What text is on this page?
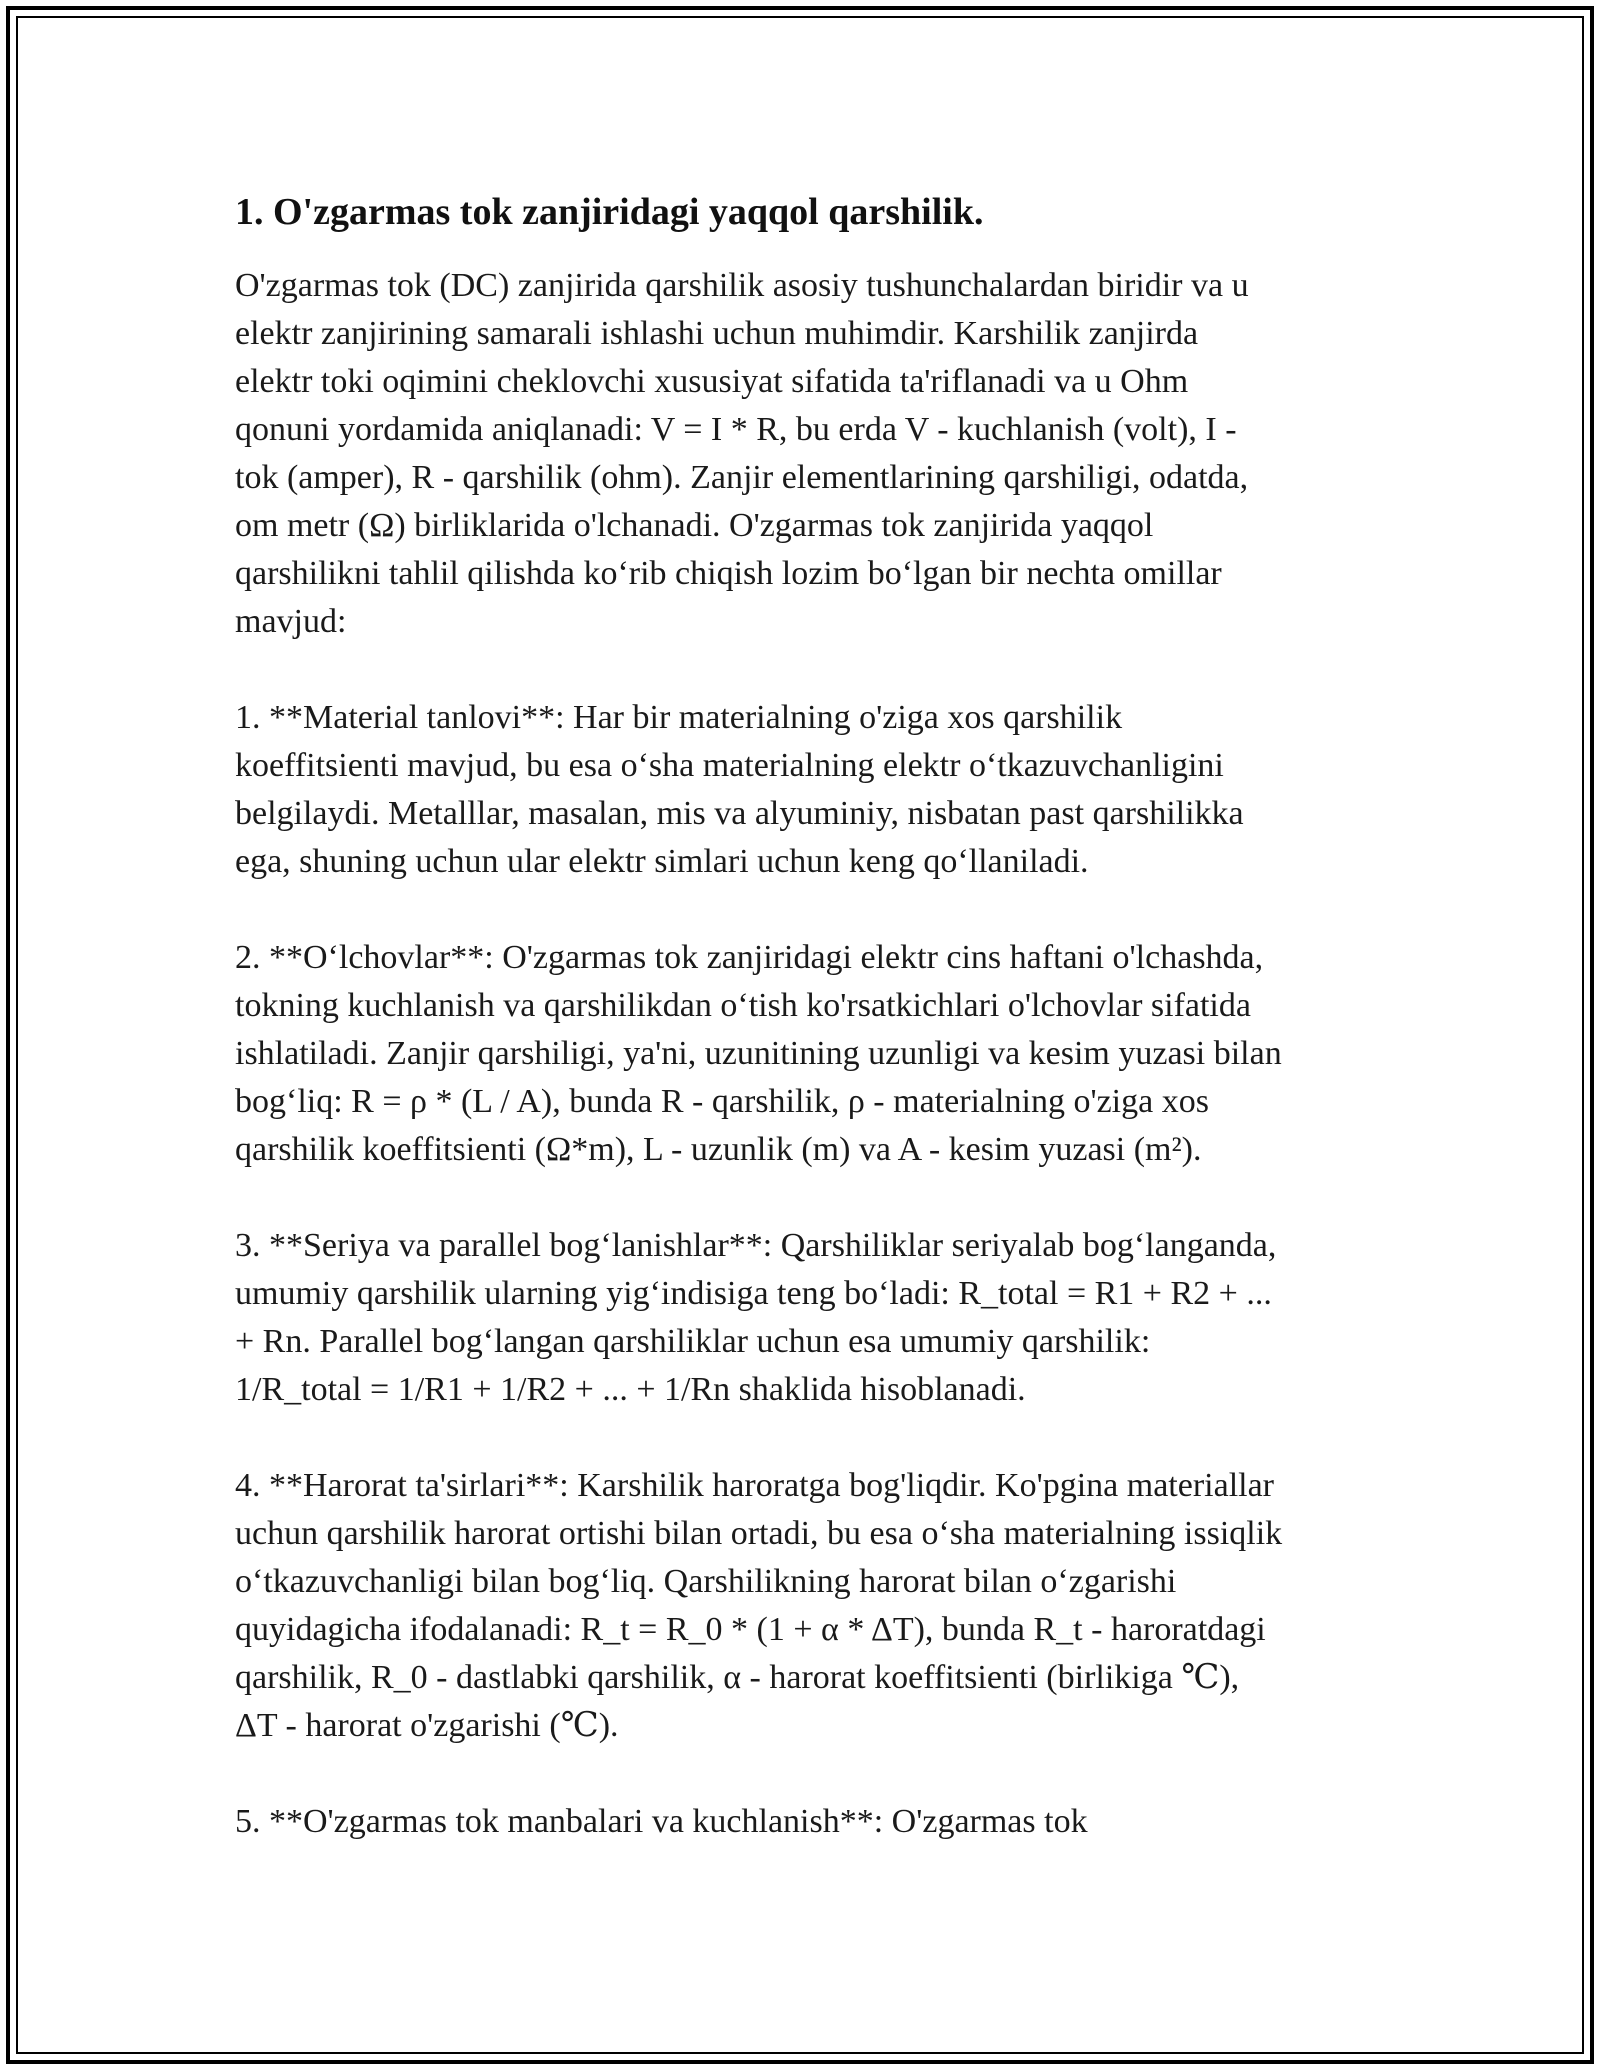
1. O'zgarmas tok zanjiridagi yaqqol qarshilik.

O'zgarmas tok (DC) zanjirida qarshilik asosiy tushunchalardan biridir va u
elektr zanjirining samarali ishlashi uchun muhimdir. Karshilik zanjirda
elektr toki oqimini cheklovchi xususiyat sifatida ta'riflanadi va u Ohm
qonuni yordamida aniqlanadi: V = I * R, bu erda V - kuchlanish (volt), I -
tok (amper), R - qarshilik (ohm). Zanjir elementlarining qarshiligi, odatda,
om metr (Ω) birliklarida o'lchanadi. O'zgarmas tok zanjirida yaqqol
qarshilikni tahlil qilishda koʻrib chiqish lozim boʻlgan bir nechta omillar
mavjud:

1. **Material tanlovi**: Har bir materialning o'ziga xos qarshilik
koeffitsienti mavjud, bu esa oʻsha materialning elektr oʻtkazuvchanligini
belgilaydi. Metalllar, masalan, mis va alyuminiy, nisbatan past qarshilikka
ega, shuning uchun ular elektr simlari uchun keng qoʻllaniladi.

2. **Oʻlchovlar**: O'zgarmas tok zanjiridagi elektr cins haftani o'lchashda,
tokning kuchlanish va qarshilikdan oʻtish ko'rsatkichlari o'lchovlar sifatida
ishlatiladi. Zanjir qarshiligi, ya'ni, uzunitining uzunligi va kesim yuzasi bilan
bogʻliq: R = ρ * (L / A), bunda R - qarshilik, ρ - materialning o'ziga xos
qarshilik koeffitsienti (Ω*m), L - uzunlik (m) va A - kesim yuzasi (m²).

3. **Seriya va parallel bogʻlanishlar**: Qarshiliklar seriyalab bogʻlanganda,
umumiy qarshilik ularning yigʻindisiga teng boʻladi: R_total = R1 + R2 + ...
+ Rn. Parallel bogʻlangan qarshiliklar uchun esa umumiy qarshilik:
1/R_total = 1/R1 + 1/R2 + ... + 1/Rn shaklida hisoblanadi.

4. **Harorat ta'sirlari**: Karshilik haroratga bog'liqdir. Ko'pgina materiallar
uchun qarshilik harorat ortishi bilan ortadi, bu esa oʻsha materialning issiqlik
oʻtkazuvchanligi bilan bogʻliq. Qarshilikning harorat bilan oʻzgarishi
quyidagicha ifodalanadi: R_t = R_0 * (1 + α * ΔT), bunda R_t - haroratdagi
qarshilik, R_0 - dastlabki qarshilik, α - harorat koeffitsienti (birlikiga ℃),
ΔT - harorat o'zgarishi (℃).

5. **O'zgarmas tok manbalari va kuchlanish**: O'zgarmas tok
